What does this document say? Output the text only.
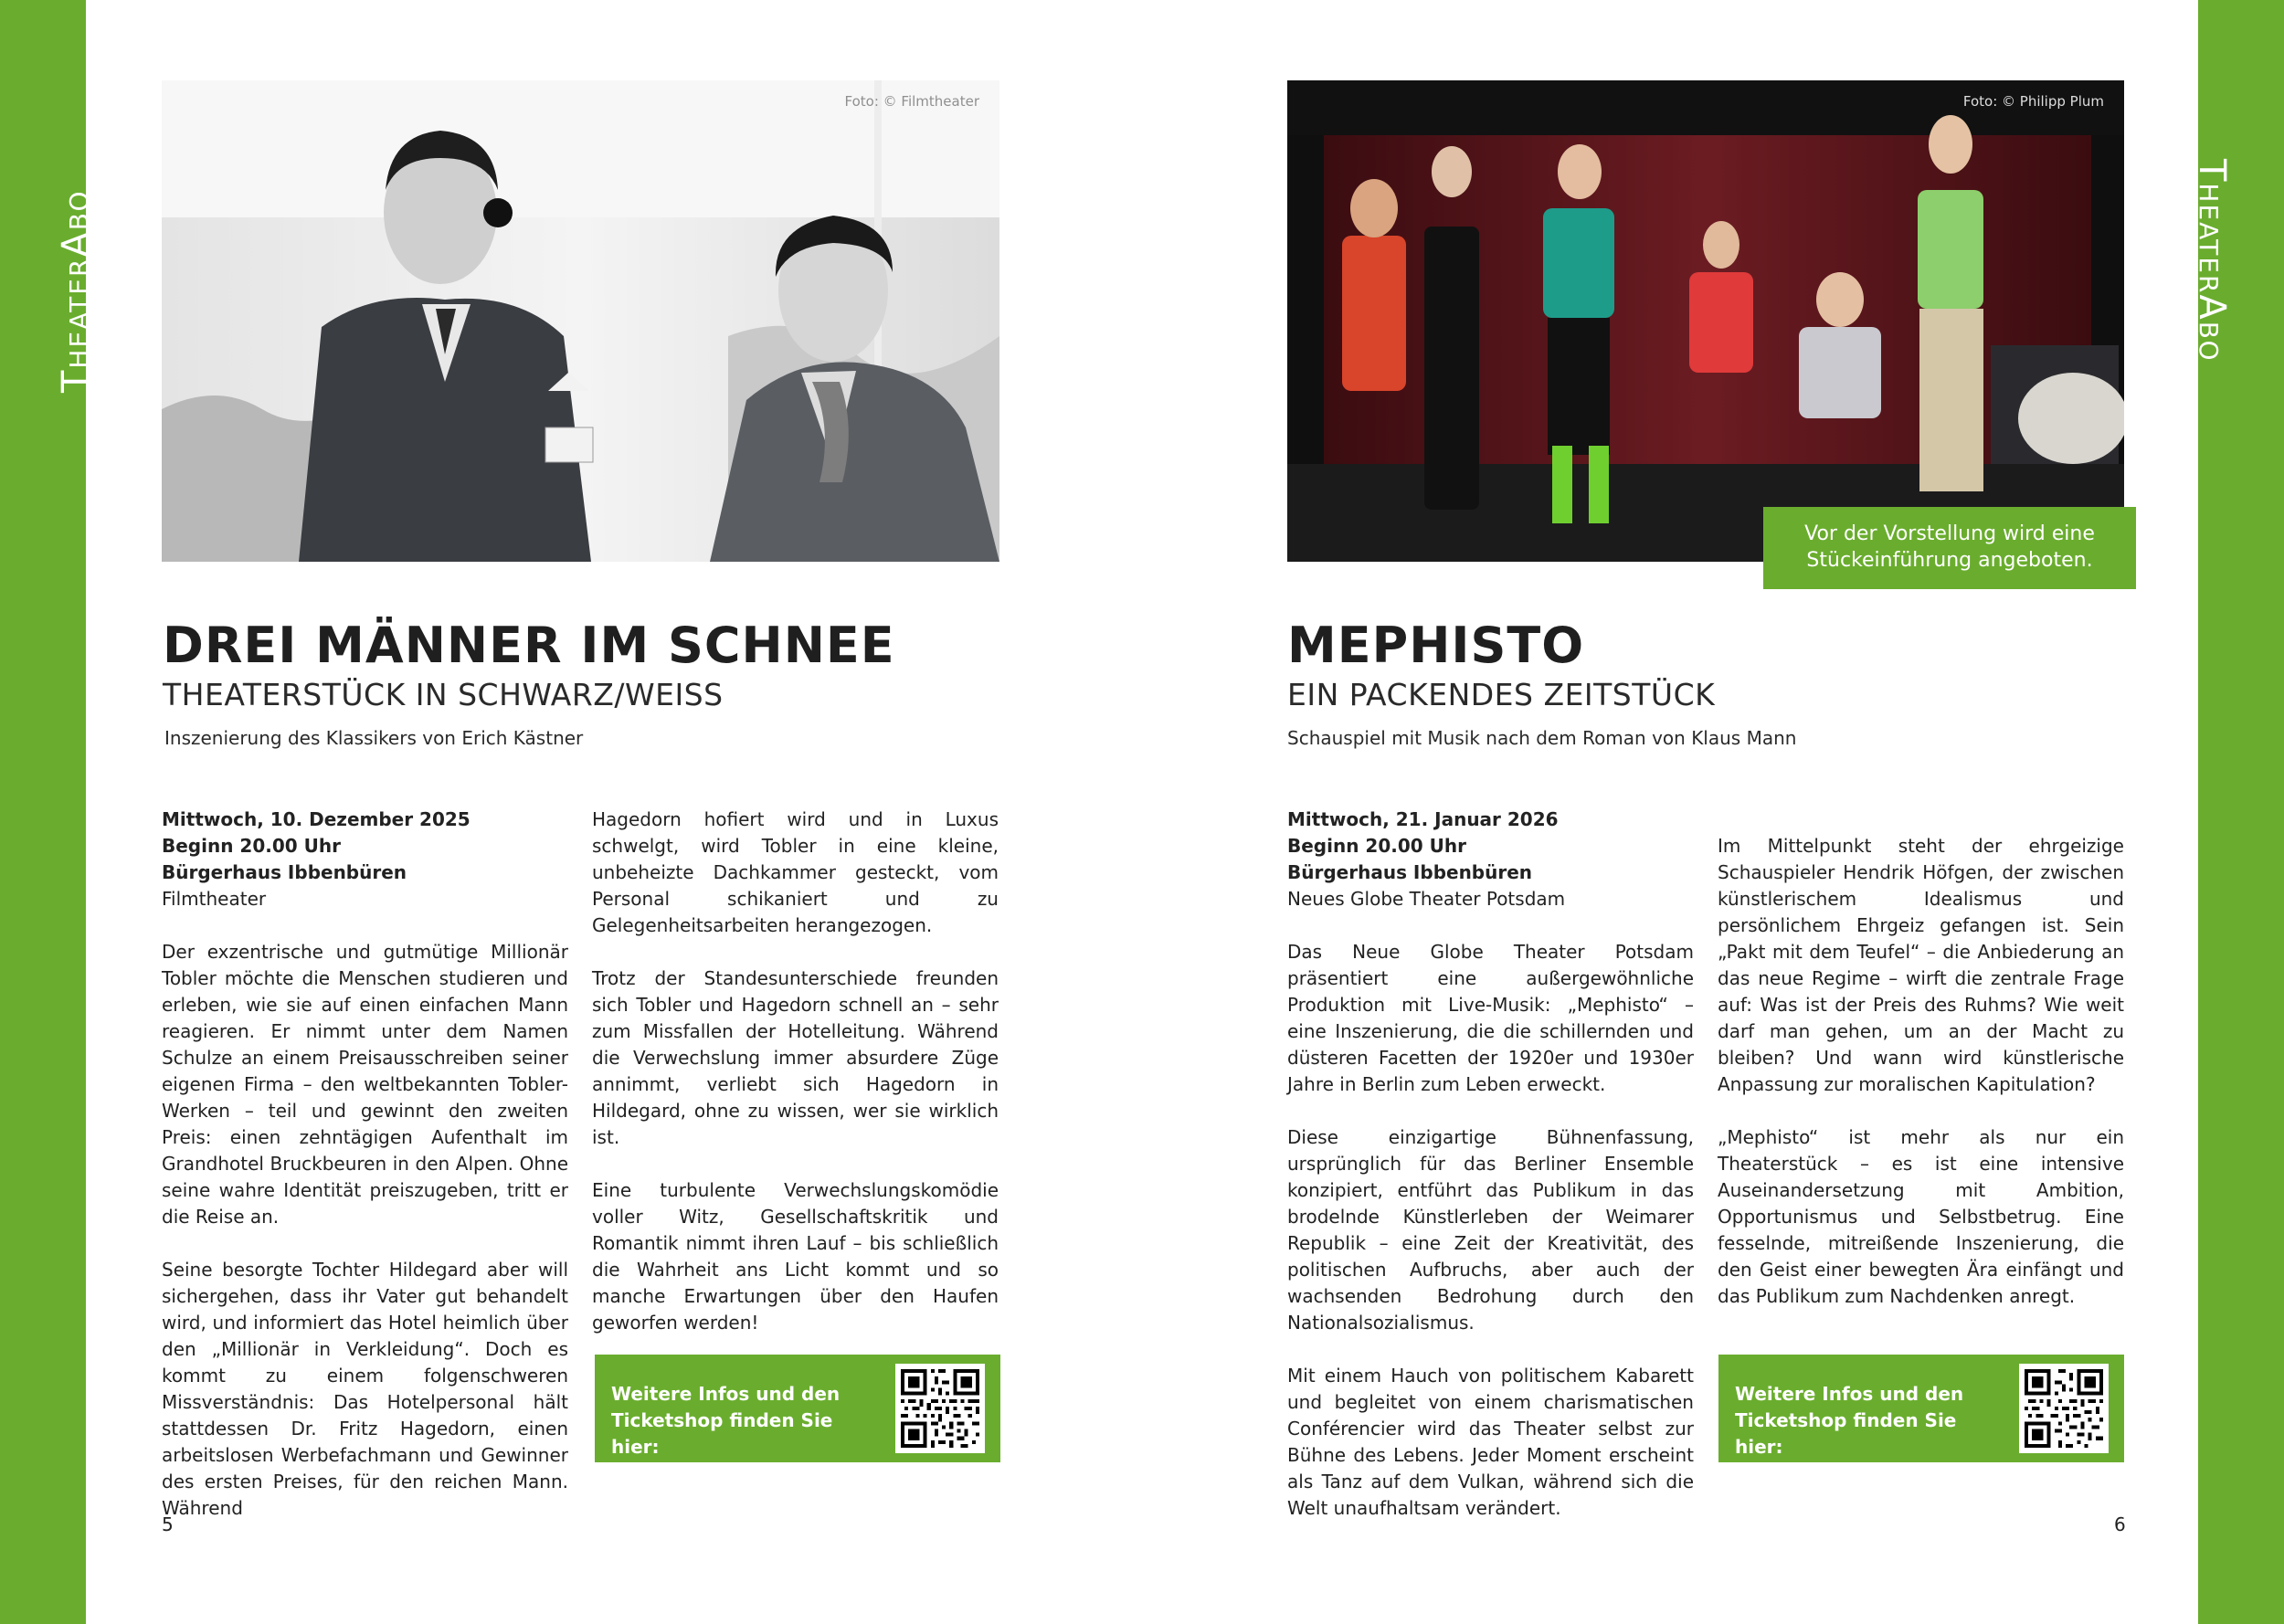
TheaterAbo	TheaterAbo
Foto: © Filmtheater
DREI MÄNNER IM SCHNEE
THEATERSTÜCK IN SCHWARZ/WEISS
Inszenierung des Klassikers von Erich Kästner
Mittwoch, 10. Dezember 2025
Beginn 20.00 Uhr
Bürgerhaus Ibbenbüren
Filmtheater

Der exzentrische und gutmütige Millionär Tobler möchte die Menschen studieren und erleben, wie sie auf einen einfachen Mann reagieren. Er nimmt unter dem Namen Schulze an einem Preisausschreiben seiner eigenen Firma – den weltbekannten Tobler-Werken – teil und gewinnt den zweiten Preis: einen zehntägigen Aufenthalt im Grandhotel Bruckbeuren in den Alpen. Ohne seine wahre Identität preiszugeben, tritt er die Reise an.

Seine besorgte Tochter Hildegard aber will sichergehen, dass ihr Vater gut behandelt wird, und informiert das Hotel heimlich über den „Millionär in Verkleidung“. Doch es kommt zu einem folgenschweren Missverständnis: Das Hotelpersonal hält stattdessen Dr. Fritz Hagedorn, einen arbeitslosen Werbefachmann und Gewinner des ersten Preises, für den reichen Mann. Während

Hagedorn hofiert wird und in Luxus schwelgt, wird Tobler in eine kleine, unbeheizte Dachkammer gesteckt, vom Personal schikaniert und zu Gelegenheitsarbeiten herangezogen.

Trotz der Standesunterschiede freunden sich Tobler und Hagedorn schnell an – sehr zum Missfallen der Hotelleitung. Während die Verwechslung immer absurdere Züge annimmt, verliebt sich Hagedorn in Hildegard, ohne zu wissen, wer sie wirklich ist.

Eine turbulente Verwechslungskomödie voller Witz, Gesellschaftskritik und Romantik nimmt ihren Lauf – bis schließlich die Wahrheit ans Licht kommt und so manche Erwartungen über den Haufen geworfen werden!

Weitere Infos und den Ticketshop finden Sie hier:
5
Foto: © Philipp Plum
Vor der Vorstellung wird eine Stückeinführung angeboten.
MEPHISTO
EIN PACKENDES ZEITSTÜCK
Schauspiel mit Musik nach dem Roman von Klaus Mann
Mittwoch, 21. Januar 2026
Beginn 20.00 Uhr
Bürgerhaus Ibbenbüren
Neues Globe Theater Potsdam

Das Neue Globe Theater Potsdam präsentiert eine außergewöhnliche Produktion mit Live-Musik: „Mephisto“ – eine Inszenierung, die die schillernden und düsteren Facetten der 1920er und 1930er Jahre in Berlin zum Leben erweckt.

Diese einzigartige Bühnenfassung, ursprünglich für das Berliner Ensemble konzipiert, entführt das Publikum in das brodelnde Künstlerleben der Weimarer Republik – eine Zeit der Kreativität, des politischen Aufbruchs, aber auch der wachsenden Bedrohung durch den Nationalsozialismus.

Mit einem Hauch von politischem Kabarett und begleitet von einem charismatischen Conférencier wird das Theater selbst zur Bühne des Lebens. Jeder Moment erscheint als Tanz auf dem Vulkan, während sich die Welt unaufhaltsam verändert.

Im Mittelpunkt steht der ehrgeizige Schauspieler Hendrik Höfgen, der zwischen künstlerischem Idealismus und persönlichem Ehrgeiz gefangen ist. Sein „Pakt mit dem Teufel“ – die Anbiederung an das neue Regime – wirft die zentrale Frage auf: Was ist der Preis des Ruhms? Wie weit darf man gehen, um an der Macht zu bleiben? Und wann wird künstlerische Anpassung zur moralischen Kapitulation?

„Mephisto“ ist mehr als nur ein Theaterstück – es ist eine intensive Auseinandersetzung mit Ambition, Opportunismus und Selbstbetrug. Eine fesselnde, mitreißende Inszenierung, die den Geist einer bewegten Ära einfängt und das Publikum zum Nachdenken anregt.

Weitere Infos und den Ticketshop finden Sie hier:
6
